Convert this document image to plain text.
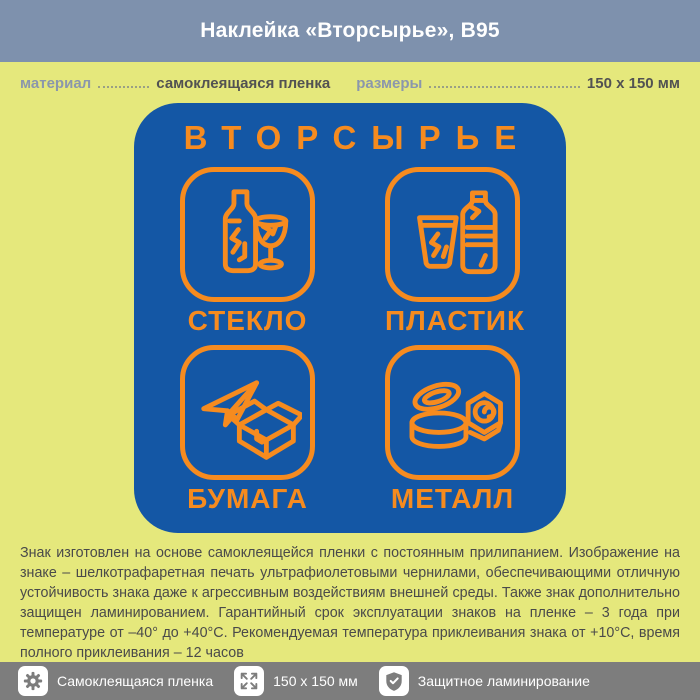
Наклейка «Вторсырье», В95
материал	самоклеящаяся пленка размеры	150 х 150 мм
ВТОРСЫРЬЕ
СТЕКЛО	ПЛАСТИК
БУМАГА	МЕТАЛЛ
Знак изготовлен на основе самоклеящейся пленки с постоянным прилипанием. Изображение на знаке – шелкотрафаретная печать ультрафиолетовыми чернилами, обеспечивающими отличную устойчивость знака даже к агрессивным воздействиям внешней среды. Также знак дополнительно защищен ламинированием. Гарантийный срок эксплуатации знаков на пленке – 3 года при температуре от –40° до +40°С. Рекомендуемая температура приклеивания знака от +10°С, время полного приклеивания – 12 часов
Самоклеящаяся пленка	150 х 150 мм	Защитное ламинирование
